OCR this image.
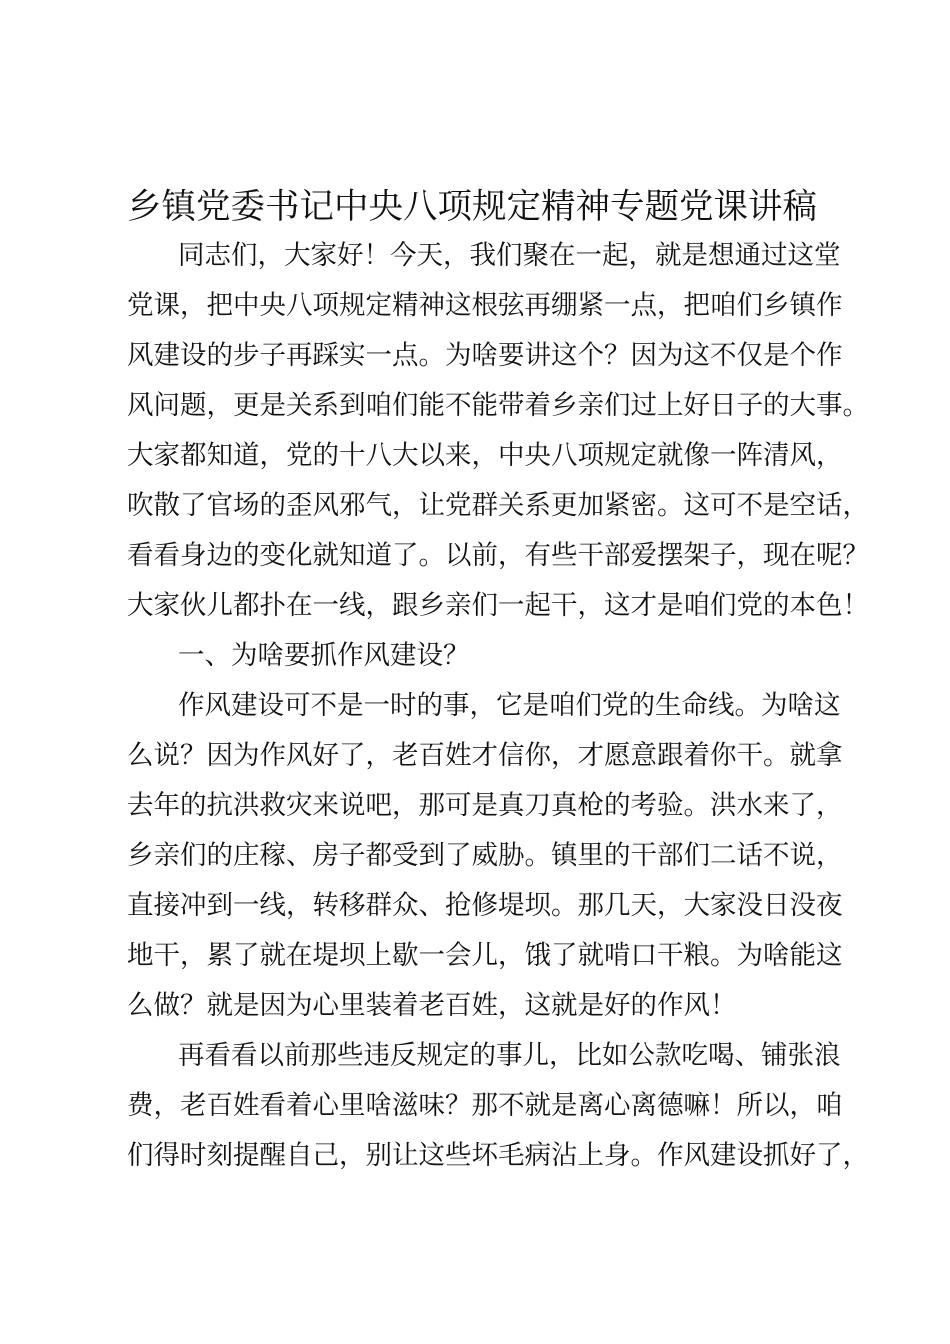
乡镇党委书记中央八项规定精神专题党课讲稿
同志们，大家好！今天，我们聚在一起，就是想通过这堂
党课，把中央八项规定精神这根弦再绷紧一点，把咱们乡镇作
风建设的步子再踩实一点。为啥要讲这个？因为这不仅是个作
风问题，更是关系到咱们能不能带着乡亲们过上好日子的大事。
大家都知道，党的十八大以来，中央八项规定就像一阵清风，
吹散了官场的歪风邪气，让党群关系更加紧密。这可不是空话，
看看身边的变化就知道了。以前，有些干部爱摆架子，现在呢？
大家伙儿都扑在一线，跟乡亲们一起干，这才是咱们党的本色！
一、为啥要抓作风建设？
作风建设可不是一时的事，它是咱们党的生命线。为啥这
么说？因为作风好了，老百姓才信你，才愿意跟着你干。就拿
去年的抗洪救灾来说吧，那可是真刀真枪的考验。洪水来了，
乡亲们的庄稼、房子都受到了威胁。镇里的干部们二话不说，
直接冲到一线，转移群众、抢修堤坝。那几天，大家没日没夜
地干，累了就在堤坝上歇一会儿，饿了就啃口干粮。为啥能这
么做？就是因为心里装着老百姓，这就是好的作风！
再看看以前那些违反规定的事儿，比如公款吃喝、铺张浪
费，老百姓看着心里啥滋味？那不就是离心离德嘛！所以，咱
们得时刻提醒自己，别让这些坏毛病沾上身。作风建设抓好了，
